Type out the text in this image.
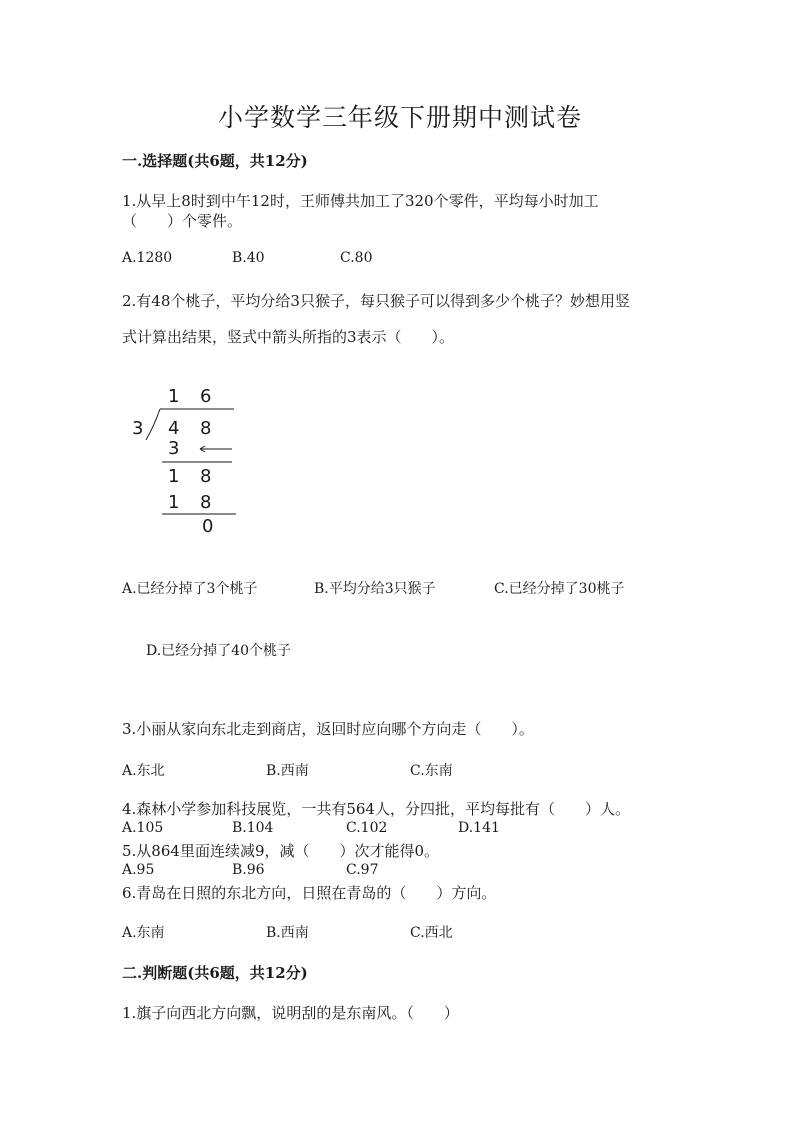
小学数学三年级下册期中测试卷
一.选择题(共6题，共12分)
1.从早上8时到中午12时，王师傅共加工了320个零件，平均每小时加工
（　　）个零件。
A.1280	B.40	C.80
2.有48个桃子，平均分给3只猴子，每只猴子可以得到多少个桃子？妙想用竖
式计算出结果，竖式中箭头所指的3表示（　　）。
1 6
3 4 8
3
1 8
1 8
0
A.已经分掉了3个桃子	B.平均分给3只猴子	C.已经分掉了30桃子
D.已经分掉了40个桃子
3.小丽从家向东北走到商店，返回时应向哪个方向走（　　）。
A.东北	B.西南	C.东南
4.森林小学参加科技展览，一共有564人，分四批，平均每批有（　　）人。
A.105	B.104	C.102	D.141
5.从864里面连续减9，减（　　）次才能得0。
A.95	B.96	C.97
6.青岛在日照的东北方向，日照在青岛的（　　）方向。
A.东南	B.西南	C.西北
二.判断题(共6题，共12分)
1.旗子向西北方向飘，说明刮的是东南风。（　　）
